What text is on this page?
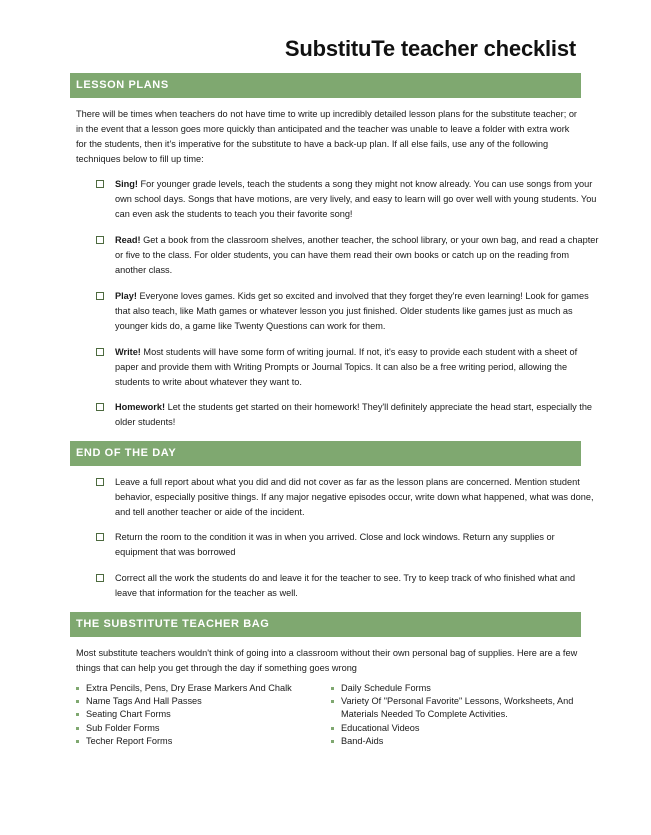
SubstituTe teacher checklist
LESSON PLANS
There will be times when teachers do not have time to write up incredibly detailed lesson plans for the substitute teacher; or in the event that a lesson goes more quickly than anticipated and the teacher was unable to leave a folder with extra work for the students, then it's imperative for the substitute to have a back-up plan. If all else fails, use any of the following techniques below to fill up time:
Sing! For younger grade levels, teach the students a song they might not know already. You can use songs from your own school days. Songs that have motions, are very lively, and easy to learn will go over well with young students. You can even ask the students to teach you their favorite song!
Read! Get a book from the classroom shelves, another teacher, the school library, or your own bag, and read a chapter or five to the class. For older students, you can have them read their own books or catch up on the reading from another class.
Play! Everyone loves games. Kids get so excited and involved that they forget they're even learning! Look for games that also teach, like Math games or whatever lesson you just finished. Older students like games just as much as younger kids do, a game like Twenty Questions can work for them.
Write! Most students will have some form of writing journal. If not, it's easy to provide each student with a sheet of paper and provide them with Writing Prompts or Journal Topics. It can also be a free writing period, allowing the students to write about whatever they want to.
Homework! Let the students get started on their homework! They'll definitely appreciate the head start, especially the older students!
END OF THE DAY
Leave a full report about what you did and did not cover as far as the lesson plans are concerned. Mention student behavior, especially positive things. If any major negative episodes occur, write down what happened, what was done, and tell another teacher or aide of the incident.
Return the room to the condition it was in when you arrived. Close and lock windows. Return any supplies or equipment that was borrowed
Correct all the work the students do and leave it for the teacher to see. Try to keep track of who finished what and leave that information for the teacher as well.
THE SUBSTITUTE TEACHER BAG
Most substitute teachers wouldn't think of going into a classroom without their own personal bag of supplies. Here are a few things that can help you get through the day if something goes wrong
Extra Pencils, Pens, Dry Erase Markers And Chalk
Name Tags And Hall Passes
Seating Chart Forms
Sub Folder Forms
Techer Report Forms
Daily Schedule Forms
Variety Of "Personal Favorite" Lessons, Worksheets, And Materials Needed To Complete Activities.
Educational Videos
Band-Aids
